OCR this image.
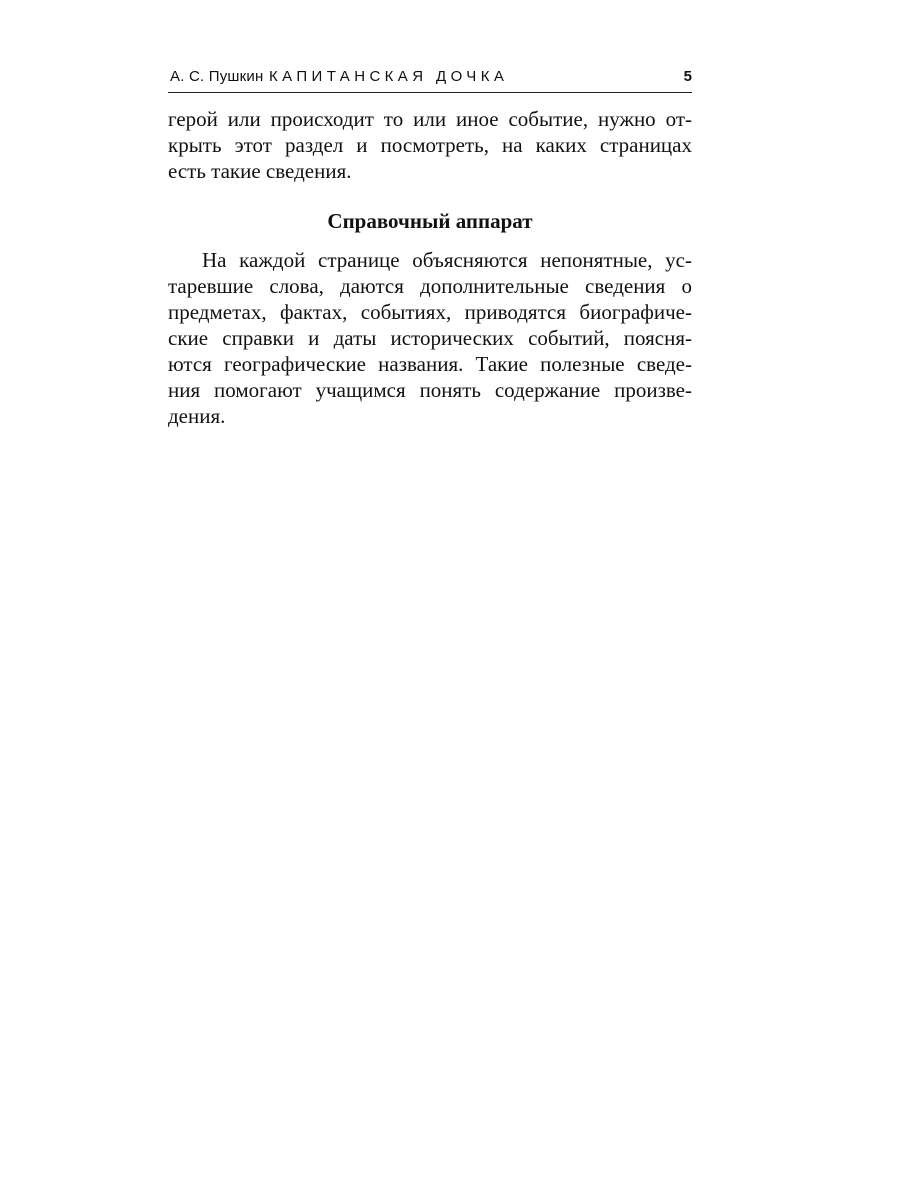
А. С. Пушкин КАПИТАНСКАЯ ДОЧКА	5
герой или происходит то или иное событие, нужно от-
крыть этот раздел и посмотреть, на каких страницах
есть такие сведения.
Справочный аппарат
На каждой странице объясняются непонятные, ус-
таревшие слова, даются дополнительные сведения о
предметах, фактах, событиях, приводятся биографиче-
ские справки и даты исторических событий, поясня-
ются географические названия. Такие полезные сведе-
ния помогают учащимся понять содержание произве-
дения.
